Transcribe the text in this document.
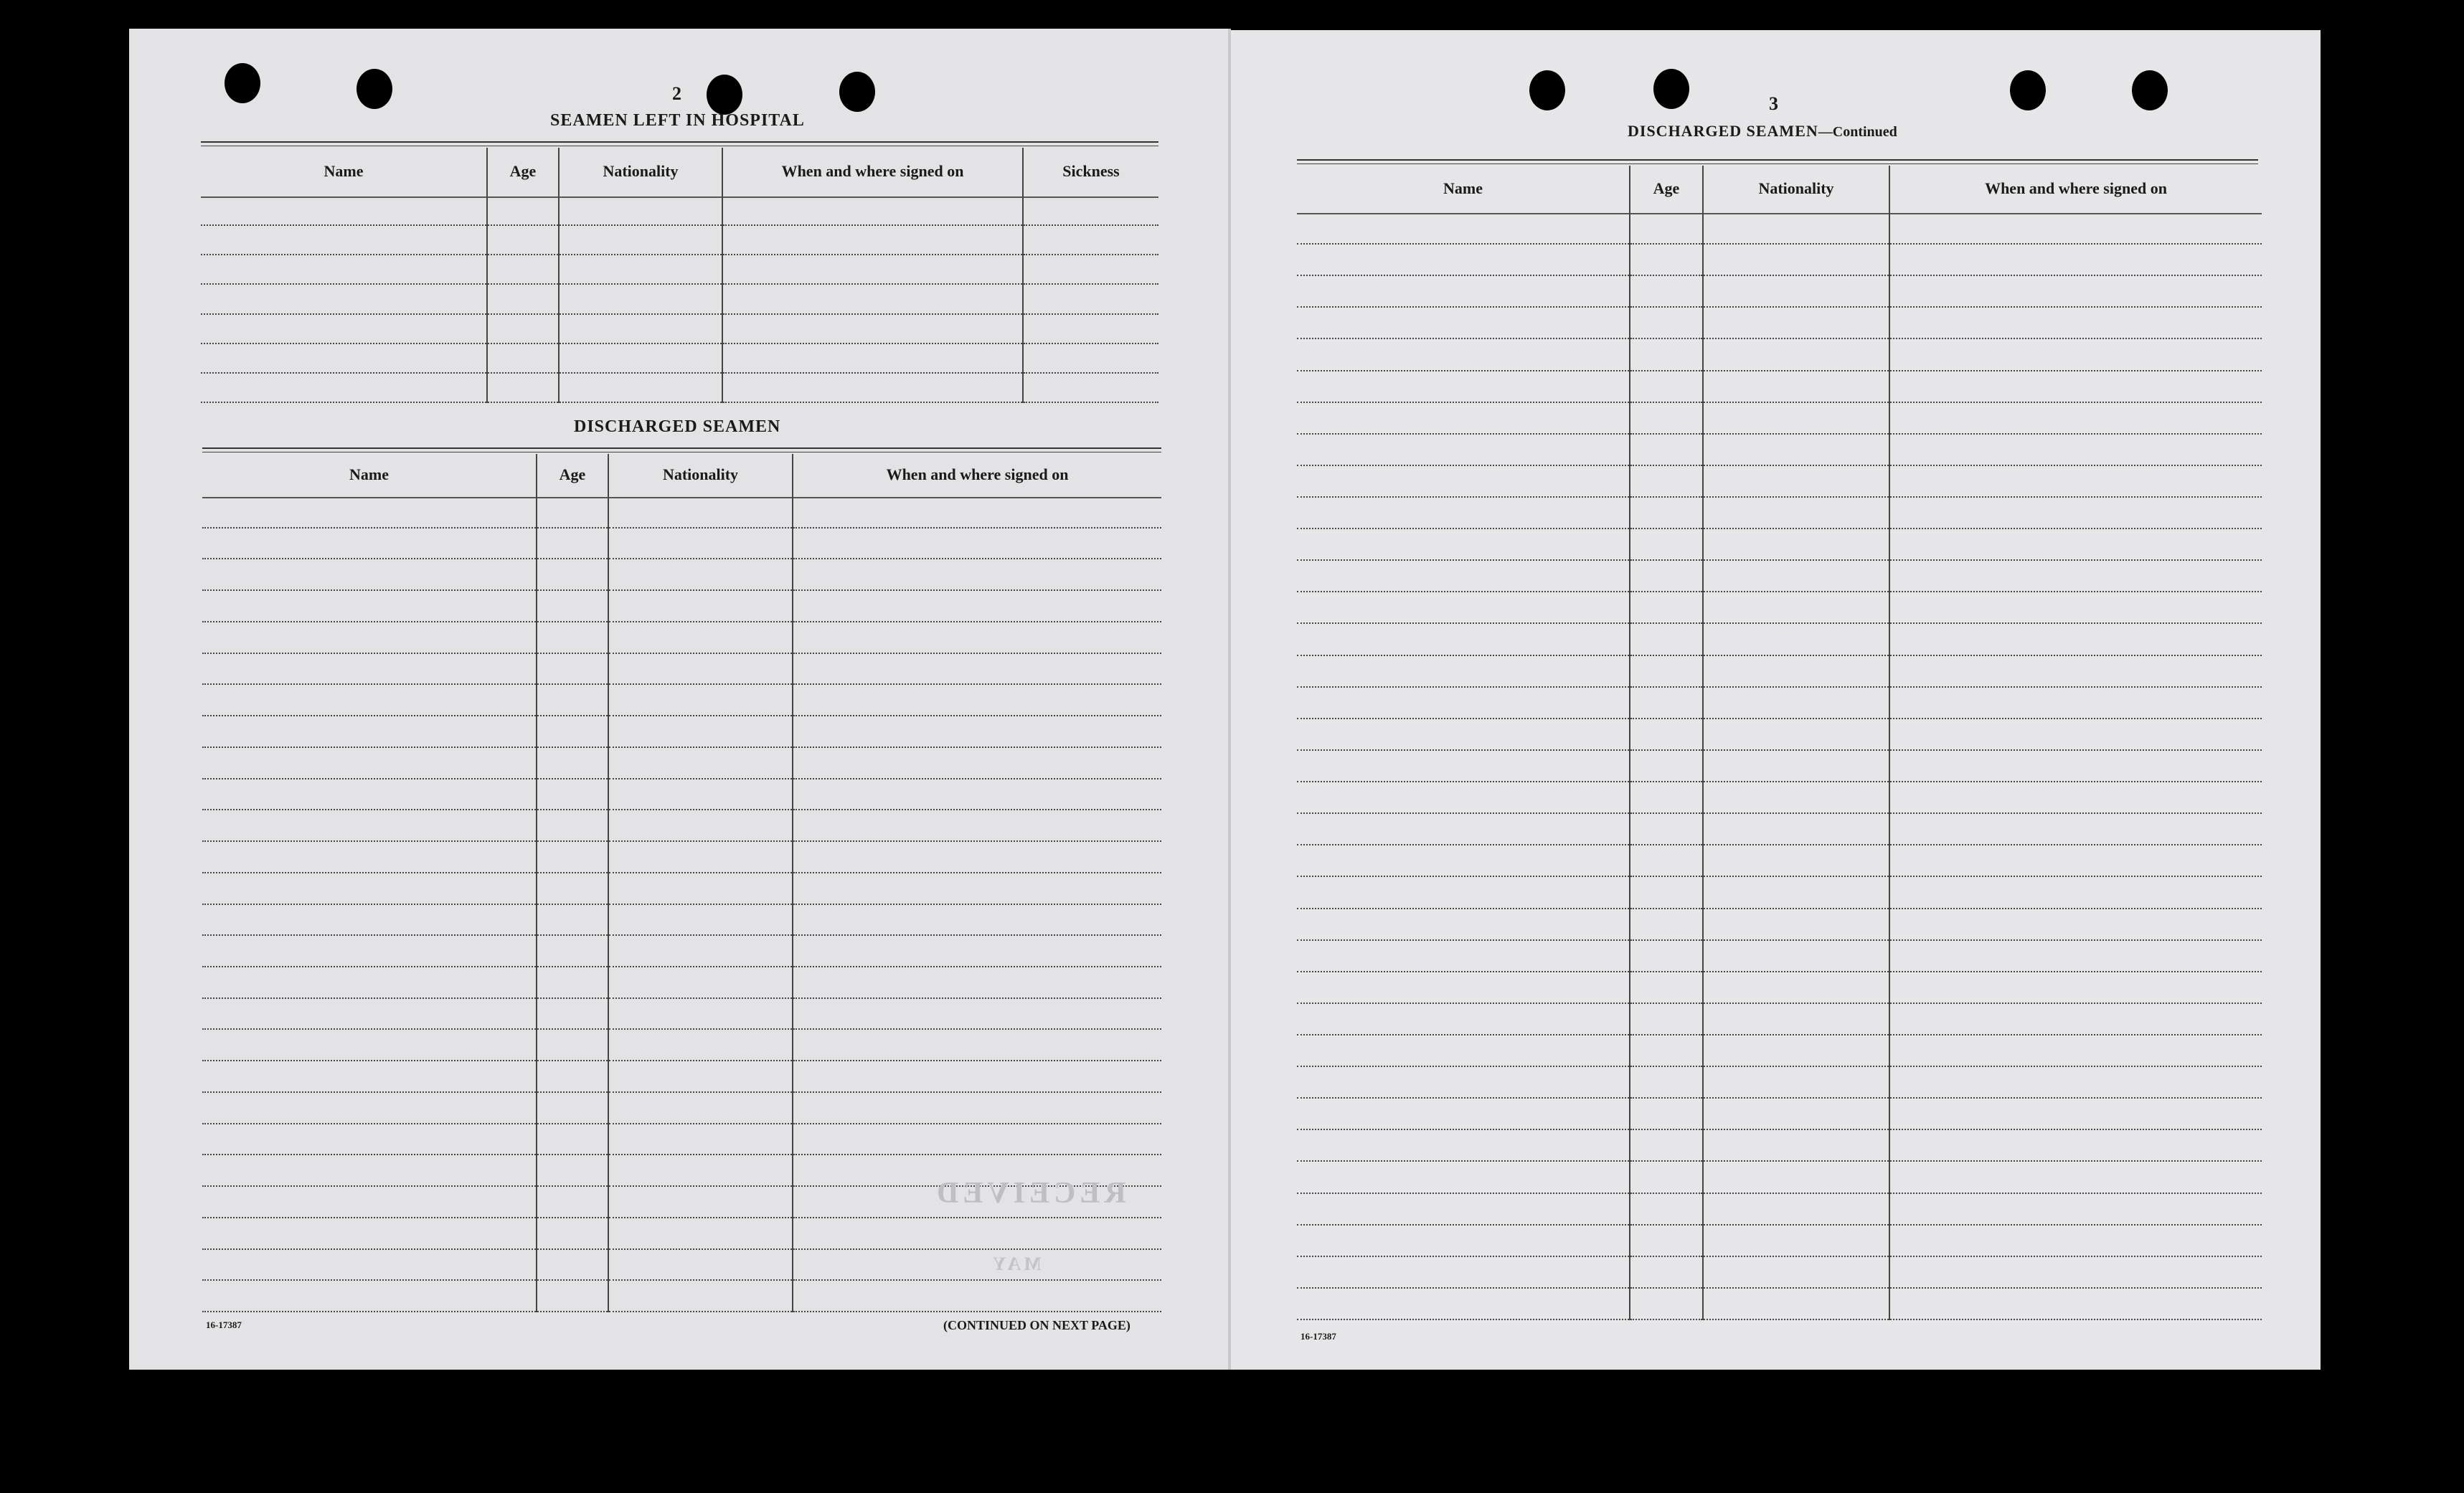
2
SEAMEN LEFT IN HOSPITAL
Name	Age	Nationality	When and where signed on	Sickness
DISCHARGED SEAMEN
Name	Age	Nationality	When and where signed on
RECEIVED
MAY
16-17387	(CONTINUED ON NEXT PAGE)
3
DISCHARGED SEAMEN—Continued
Name	Age	Nationality	When and where signed on
16-17387
